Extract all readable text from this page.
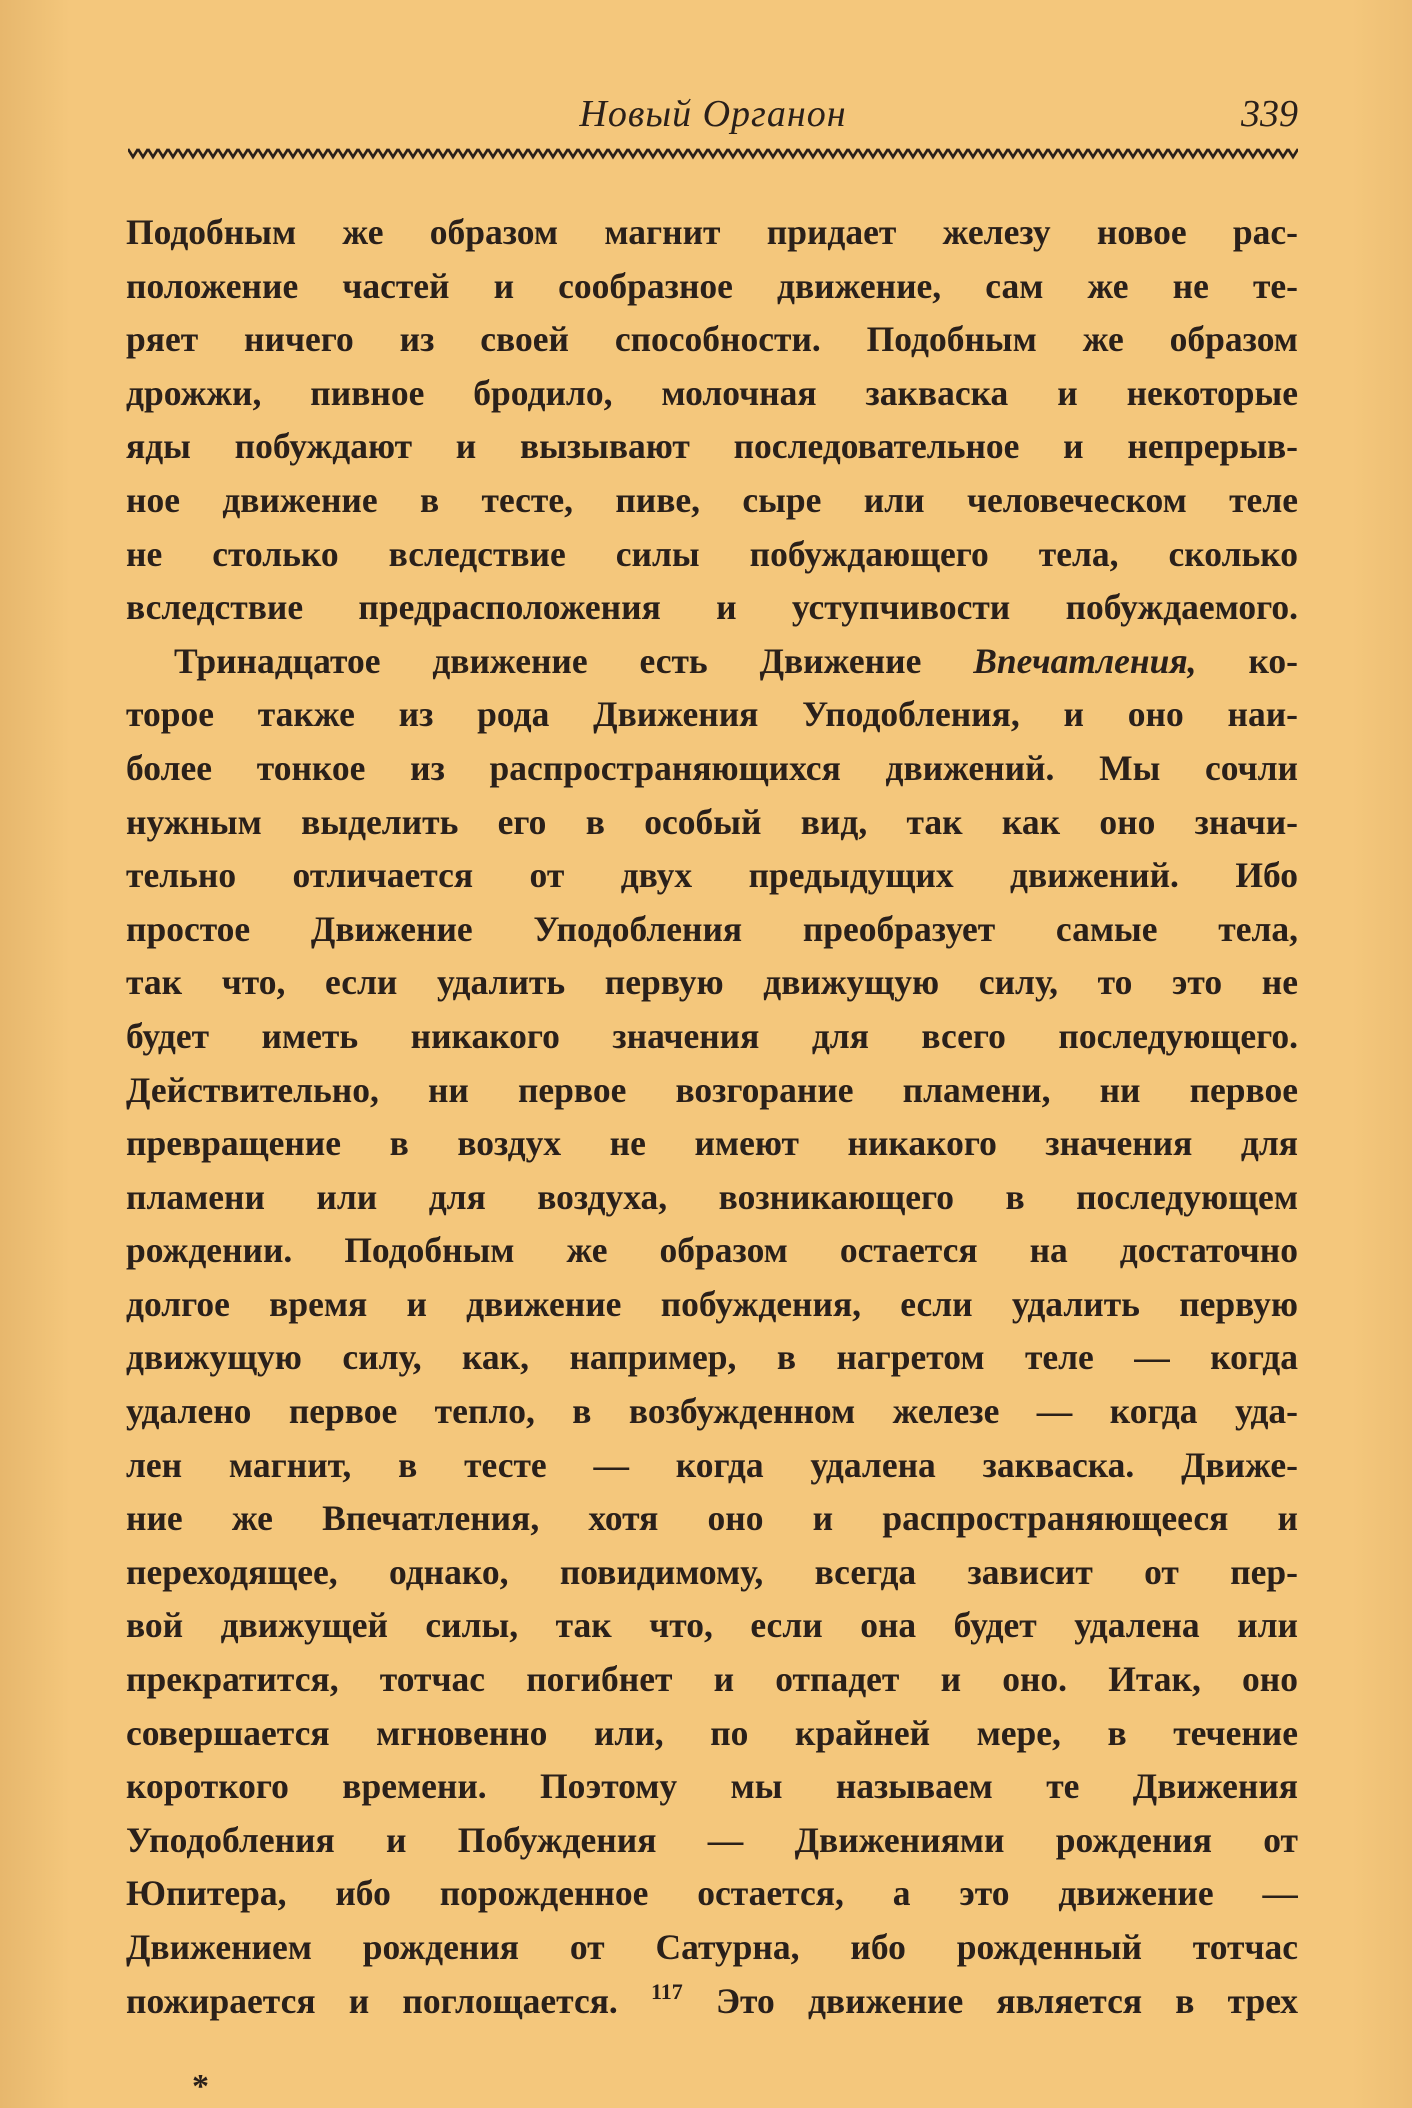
Новый Органон	339
Подобным же образом магнит придает железу новое рас-
положение частей и сообразное движение, сам же не те-
ряет ничего из своей способности. Подобным же образом
дрожжи, пивное бродило, молочная закваска и некоторые
яды побуждают и вызывают последовательное и непрерыв-
ное движение в тесте, пиве, сыре или человеческом теле
не столько вследствие силы побуждающего тела, сколько
вследствие предрасположения и уступчивости побуждаемого.
Тринадцатое движение есть Движение Впечатления, ко-
торое также из рода Движения Уподобления, и оно наи-
более тонкое из распространяющихся движений. Мы сочли
нужным выделить его в особый вид, так как оно значи-
тельно отличается от двух предыдущих движений. Ибо
простое Движение Уподобления преобразует самые тела,
так что, если удалить первую движущую силу, то это не
будет иметь никакого значения для всего последующего.
Действительно, ни первое возгорание пламени, ни первое
превращение в воздух не имеют никакого значения для
пламени или для воздуха, возникающего в последующем
рождении. Подобным же образом остается на достаточно
долгое время и движение побуждения, если удалить первую
движущую силу, как, например, в нагретом теле — когда
удалено первое тепло, в возбужденном железе — когда уда-
лен магнит, в тесте — когда удалена закваска. Движе-
ние же Впечатления, хотя оно и распространяющееся и
переходящее, однако, повидимому, всегда зависит от пер-
вой движущей силы, так что, если она будет удалена или
прекратится, тотчас погибнет и отпадет и оно. Итак, оно
совершается мгновенно или, по крайней мере, в течение
короткого времени. Поэтому мы называем те Движения
Уподобления и Побуждения — Движениями рождения от
Юпитера, ибо порожденное остается, а это движение —
Движением рождения от Сатурна, ибо рожденный тотчас
пожирается и поглощается. $^{117}$ Это движение является в трех
*
